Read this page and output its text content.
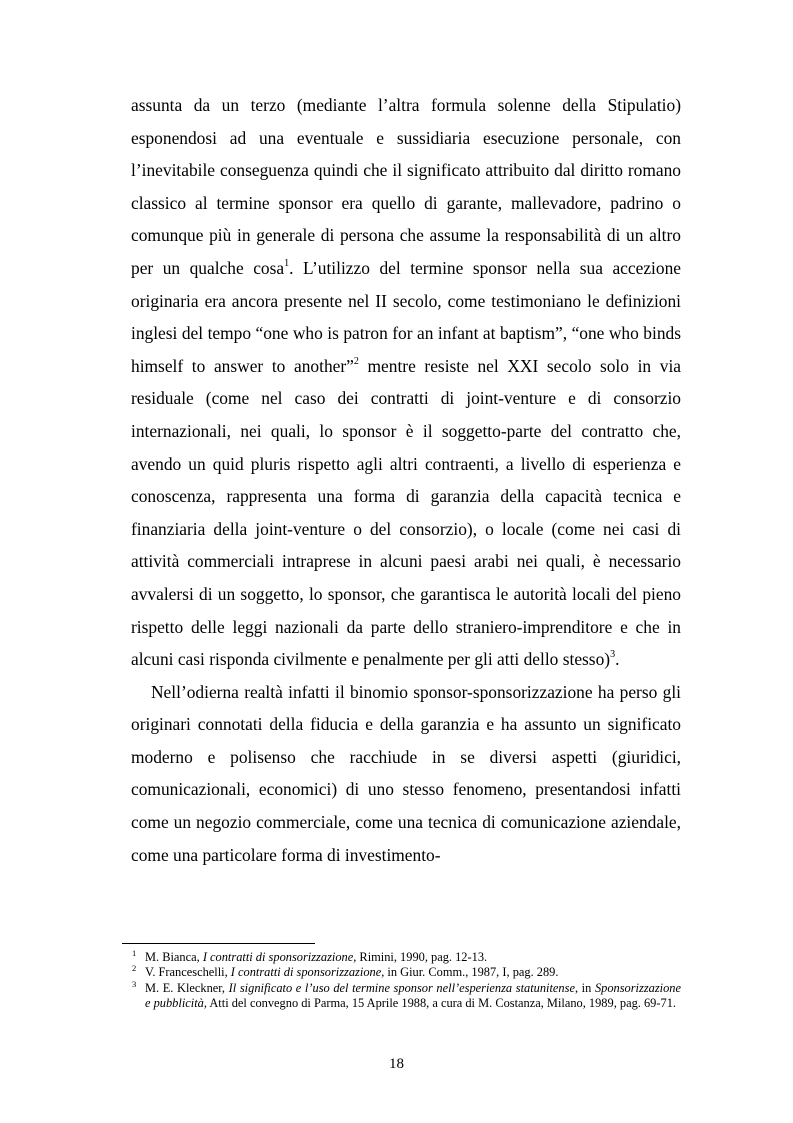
assunta da un terzo (mediante l’altra formula solenne della Stipulatio) esponendosi ad una eventuale e sussidiaria esecuzione personale, con l’inevitabile conseguenza quindi che il significato attribuito dal diritto romano classico al termine sponsor era quello di garante, mallevadore, padrino o comunque più in generale di persona che assume la responsabilità di un altro per un qualche cosa$^1$. L’utilizzo del termine sponsor nella sua accezione originaria era ancora presente nel II secolo, come testimoniano le definizioni inglesi del tempo “one who is patron for an infant at baptism”, “one who binds himself to answer to another”$^2$ mentre resiste nel XXI secolo solo in via residuale (come nel caso dei contratti di joint-venture e di consorzio internazionali, nei quali, lo sponsor è il soggetto-parte del contratto che, avendo un quid pluris rispetto agli altri contraenti, a livello di esperienza e conoscenza, rappresenta una forma di garanzia della capacità tecnica e finanziaria della joint-venture o del consorzio), o locale (come nei casi di attività commerciali intraprese in alcuni paesi arabi nei quali, è necessario avvalersi di un soggetto, lo sponsor, che garantisca le autorità locali del pieno rispetto delle leggi nazionali da parte dello straniero-imprenditore e che in alcuni casi risponda civilmente e penalmente per gli atti dello stesso)$^3$.

Nell’odierna realtà infatti il binomio sponsor-sponsorizzazione ha perso gli originari connotati della fiducia e della garanzia e ha assunto un significato moderno e polisenso che racchiude in se diversi aspetti (giuridici, comunicazionali, economici) di uno stesso fenomeno, presentandosi infatti come un negozio commerciale, come una tecnica di comunicazione aziendale, come una particolare forma di investimento-

1 M. Bianca, I contratti di sponsorizzazione, Rimini, 1990, pag. 12-13.
2 V. Franceschelli, I contratti di sponsorizzazione, in Giur. Comm., 1987, I, pag. 289.
3 M. E. Kleckner, Il significato e l’uso del termine sponsor nell’esperienza statunitense, in Sponsorizzazione e pubblicità, Atti del convegno di Parma, 15 Aprile 1988, a cura di M. Costanza, Milano, 1989, pag. 69-71.
18
